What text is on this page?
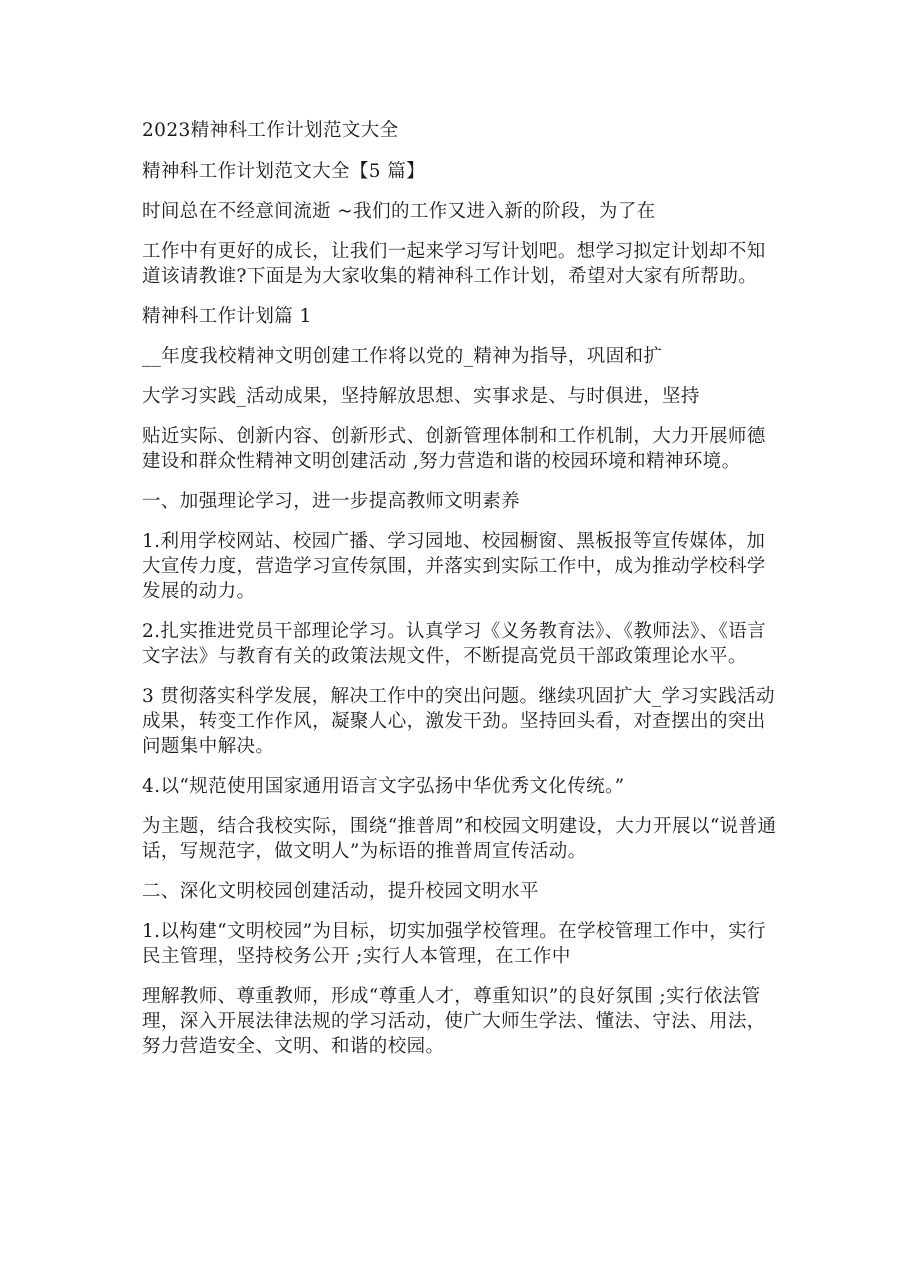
2023精神科工作计划范文大全

精神科工作计划范文大全【5 篇】

时间总在不经意间流逝 ~我们的工作又进入新的阶段，为了在

工作中有更好的成长，让我们一起来学习写计划吧。想学习拟定计划却不知道该请教谁?下面是为大家收集的精神科工作计划，希望对大家有所帮助。

精神科工作计划篇 1

__年度我校精神文明创建工作将以党的_精神为指导，巩固和扩

大学习实践_活动成果，坚持解放思想、实事求是、与时俱进，坚持

贴近实际、创新内容、创新形式、创新管理体制和工作机制，大力开展师德建设和群众性精神文明创建活动 ,努力营造和谐的校园环境和精神环境。

一、加强理论学习，进一步提高教师文明素养

1.利用学校网站、校园广播、学习园地、校园橱窗、黑板报等宣传媒体，加大宣传力度，营造学习宣传氛围，并落实到实际工作中，成为推动学校科学发展的动力。

2.扎实推进党员干部理论学习。认真学习《义务教育法》、《教师法》、《语言文字法》与教育有关的政策法规文件，不断提高党员干部政策理论水平。

3 贯彻落实科学发展，解决工作中的突出问题。继续巩固扩大_学习实践活动成果，转变工作作风，凝聚人心，激发干劲。坚持回头看，对查摆出的突出问题集中解决。

4.以“规范使用国家通用语言文字弘扬中华优秀文化传统。”

为主题，结合我校实际，围绕“推普周”和校园文明建设，大力开展以“说普通话，写规范字，做文明人”为标语的推普周宣传活动。

二、深化文明校园创建活动，提升校园文明水平

1.以构建“文明校园”为目标，切实加强学校管理。在学校管理工作中，实行民主管理，坚持校务公开 ;实行人本管理，在工作中

理解教师、尊重教师，形成“尊重人才，尊重知识”的良好氛围 ;实行依法管理，深入开展法律法规的学习活动，使广大师生学法、懂法、守法、用法，努力营造安全、文明、和谐的校园。
